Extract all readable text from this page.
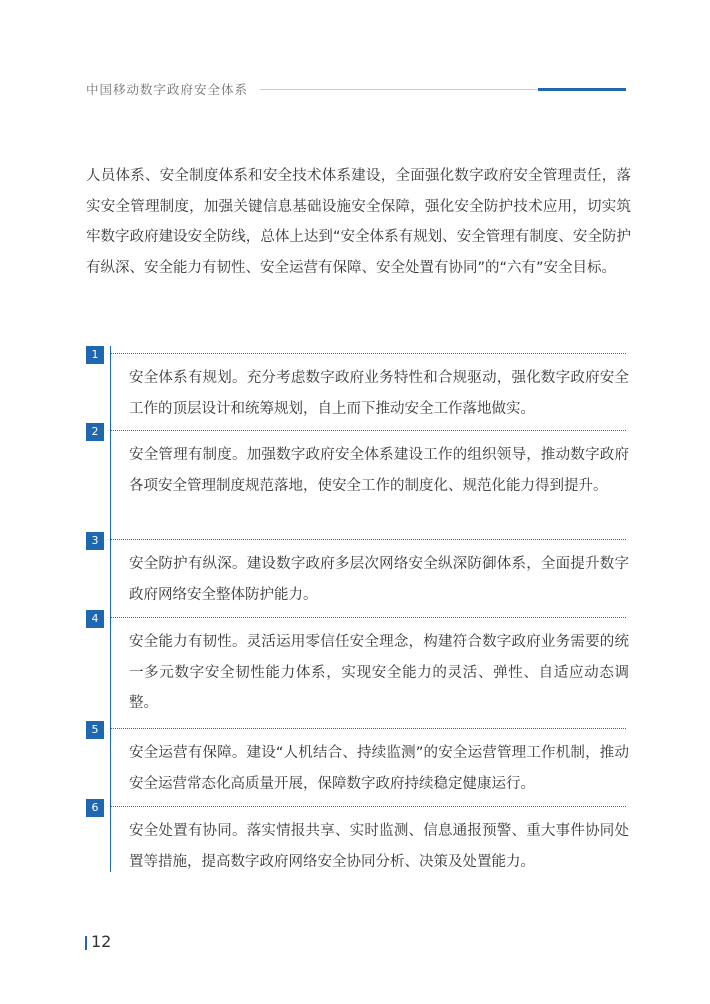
中国移动数字政府安全体系

人员体系、安全制度体系和安全技术体系建设，全面强化数字政府安全管理责任，落实安全管理制度，加强关键信息基础设施安全保障，强化安全防护技术应用，切实筑牢数字政府建设安全防线，总体上达到“安全体系有规划、安全管理有制度、安全防护有纵深、安全能力有韧性、安全运营有保障、安全处置有协同”的“六有”安全目标。

1

安全体系有规划。充分考虑数字政府业务特性和合规驱动，强化数字政府安全工作的顶层设计和统筹规划，自上而下推动安全工作落地做实。

2

安全管理有制度。加强数字政府安全体系建设工作的组织领导，推动数字政府各项安全管理制度规范落地，使安全工作的制度化、规范化能力得到提升。

3

安全防护有纵深。建设数字政府多层次网络安全纵深防御体系，全面提升数字政府网络安全整体防护能力。

4

安全能力有韧性。灵活运用零信任安全理念，构建符合数字政府业务需要的统一多元数字安全韧性能力体系，实现安全能力的灵活、弹性、自适应动态调整。

5

安全运营有保障。建设“人机结合、持续监测”的安全运营管理工作机制，推动安全运营常态化高质量开展，保障数字政府持续稳定健康运行。

6

安全处置有协同。落实情报共享、实时监测、信息通报预警、重大事件协同处置等措施，提高数字政府网络安全协同分析、决策及处置能力。

12
